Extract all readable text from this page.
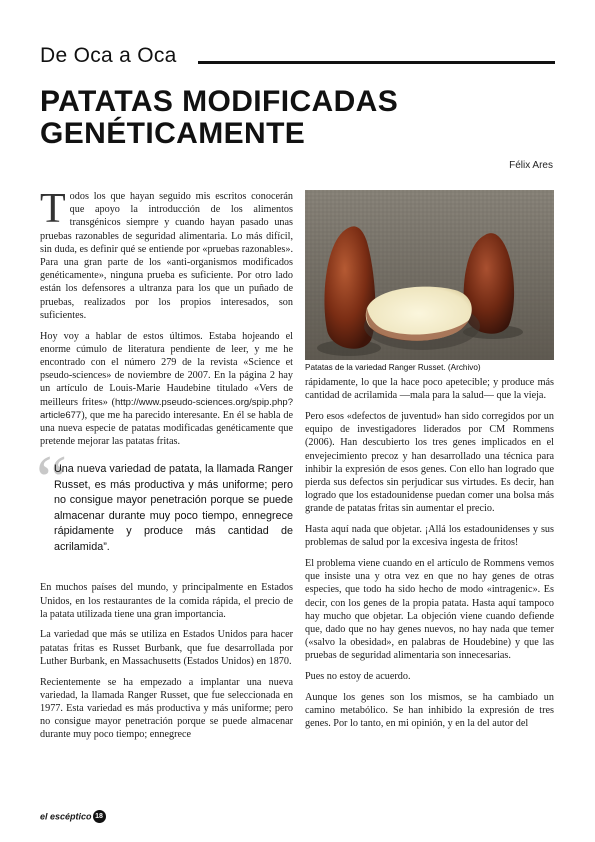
De Oca a Oca
PATATAS MODIFICADAS
GENÉTICAMENTE
Félix Ares

Todos los que hayan seguido mis escritos conocerán que apoyo la introducción de los alimentos transgénicos siempre y cuando hayan pasado unas pruebas razonables de seguridad alimentaria. Lo más difícil, sin duda, es definir qué se entiende por «pruebas razonables». Para una gran parte de los «anti-organismos modificados genéticamente», ninguna prueba es suficiente. Por otro lado están los defensores a ultranza para los que un puñado de pruebas, realizados por los propios interesados, son suficientes.

Hoy voy a hablar de estos últimos. Estaba hojeando el enorme cúmulo de literatura pendiente de leer, y me he encontrado con el número 279 de la revista «Science et pseudo-sciences» de noviembre de 2007. En la página 2 hay un artículo de Louis-Marie Haudebine titulado «Vers de meilleurs frites» (http://www.pseudo-sciences.org/spip.php?article677), que me ha parecido interesante. En él se habla de una nueva especie de patatas modificadas genéticamente que pretende mejorar las patatas fritas.

“
Una nueva variedad de patata, la llamada Ranger Russet, es más productiva y más uniforme; pero no consigue mayor penetración porque se puede almacenar durante muy poco tiempo, ennegrece rápidamente y produce más cantidad de acrilamida”.

En muchos países del mundo, y principalmente en Estados Unidos, en los restaurantes de la comida rápida, el precio de la patata utilizada tiene una gran importancia.

La variedad que más se utiliza en Estados Unidos para hacer patatas fritas es Russet Burbank, que fue desarrollada por Luther Burbank, en Massachusetts (Estados Unidos) en 1870.

Recientemente se ha empezado a implantar una nueva variedad, la llamada Ranger Russet, que fue seleccionada en 1977. Esta variedad es más productiva y más uniforme; pero no consigue mayor penetración porque se puede almacenar durante muy poco tiempo; ennegrece

Patatas de la variedad Ranger Russet. (Archivo)

rápidamente, lo que la hace poco apetecible; y produce más cantidad de acrilamida —mala para la salud— que la vieja.

Pero esos «defectos de juventud» han sido corregidos por un equipo de investigadores liderados por CM Rommens (2006). Han descubierto los tres genes implicados en el envejecimiento precoz y han desarrollado una técnica para inhibir la expresión de esos genes. Con ello han logrado que pierda sus defectos sin perjudicar sus virtudes. Es decir, han logrado que los estadounidense puedan comer una bolsa más grande de patatas fritas sin aumentar el precio.

Hasta aquí nada que objetar. ¡Allá los estadounidenses y sus problemas de salud por la excesiva ingesta de fritos!

El problema viene cuando en el artículo de Rommens vemos que insiste una y otra vez en que no hay genes de otras especies, que todo ha sido hecho de modo «intragenic». Es decir, con los genes de la propia patata. Hasta aquí tampoco hay mucho que objetar. La objeción viene cuando defiende que, dado que no hay genes nuevos, no hay nada que temer («salvo la obesidad», en palabras de Houdebine) y que las pruebas de seguridad alimentaria son innecesarias.

Pues no estoy de acuerdo.

Aunque los genes son los mismos, se ha cambiado un camino metabólico. Se han inhibido la expresión de tres genes. Por lo tanto, en mi opinión, y en la del autor del

el escéptico 18
